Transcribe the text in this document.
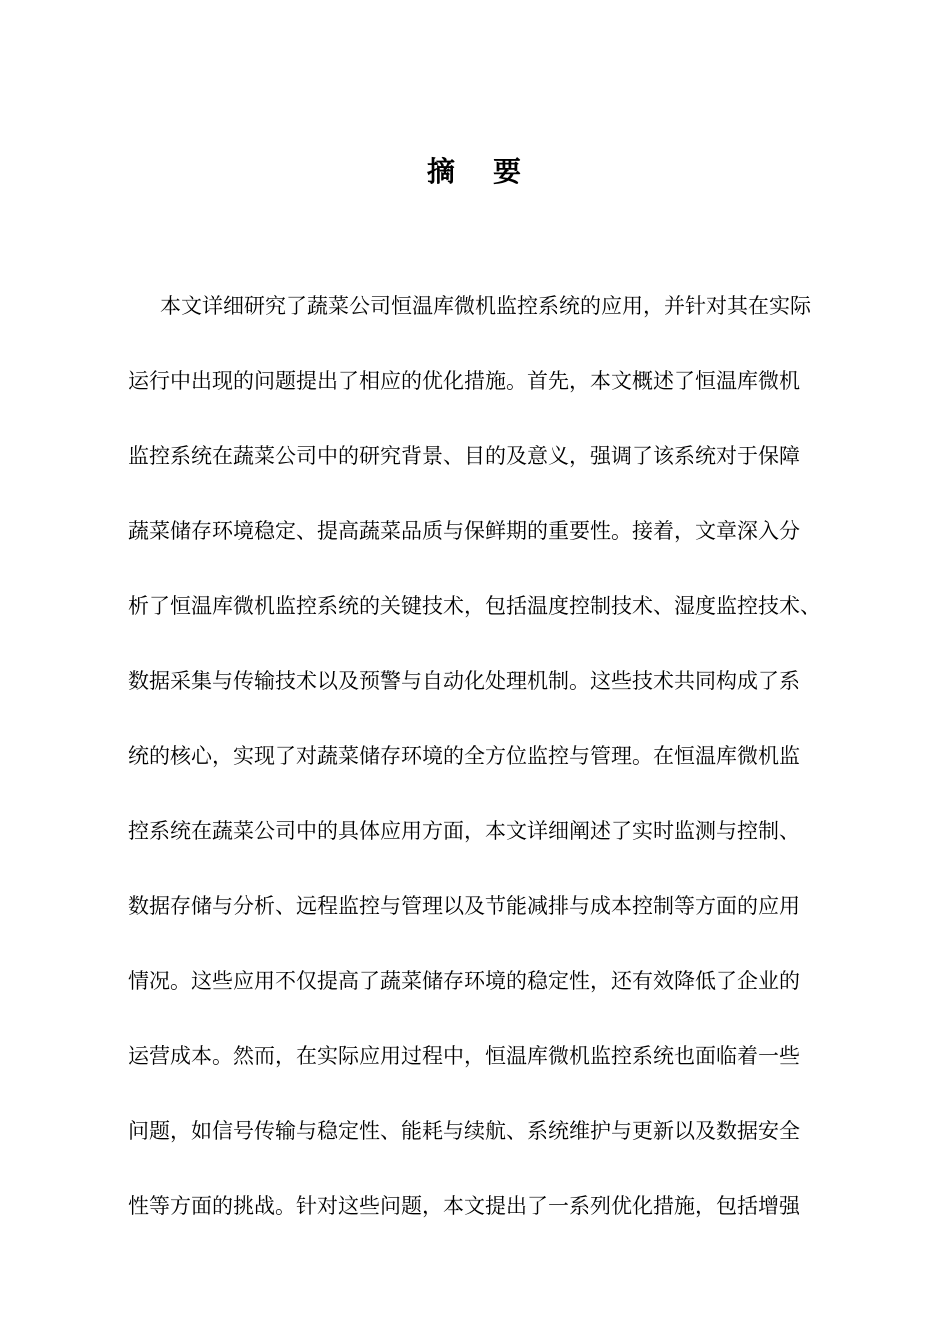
摘 要
本文详细研究了蔬菜公司恒温库微机监控系统的应用，并针对其在实际
运行中出现的问题提出了相应的优化措施。首先，本文概述了恒温库微机
监控系统在蔬菜公司中的研究背景、目的及意义，强调了该系统对于保障
蔬菜储存环境稳定、提高蔬菜品质与保鲜期的重要性。接着，文章深入分
析了恒温库微机监控系统的关键技术，包括温度控制技术、湿度监控技术、
数据采集与传输技术以及预警与自动化处理机制。这些技术共同构成了系
统的核心，实现了对蔬菜储存环境的全方位监控与管理。在恒温库微机监
控系统在蔬菜公司中的具体应用方面，本文详细阐述了实时监测与控制、
数据存储与分析、远程监控与管理以及节能减排与成本控制等方面的应用
情况。这些应用不仅提高了蔬菜储存环境的稳定性，还有效降低了企业的
运营成本。然而，在实际应用过程中，恒温库微机监控系统也面临着一些
问题，如信号传输与稳定性、能耗与续航、系统维护与更新以及数据安全
性等方面的挑战。针对这些问题，本文提出了一系列优化措施，包括增强
